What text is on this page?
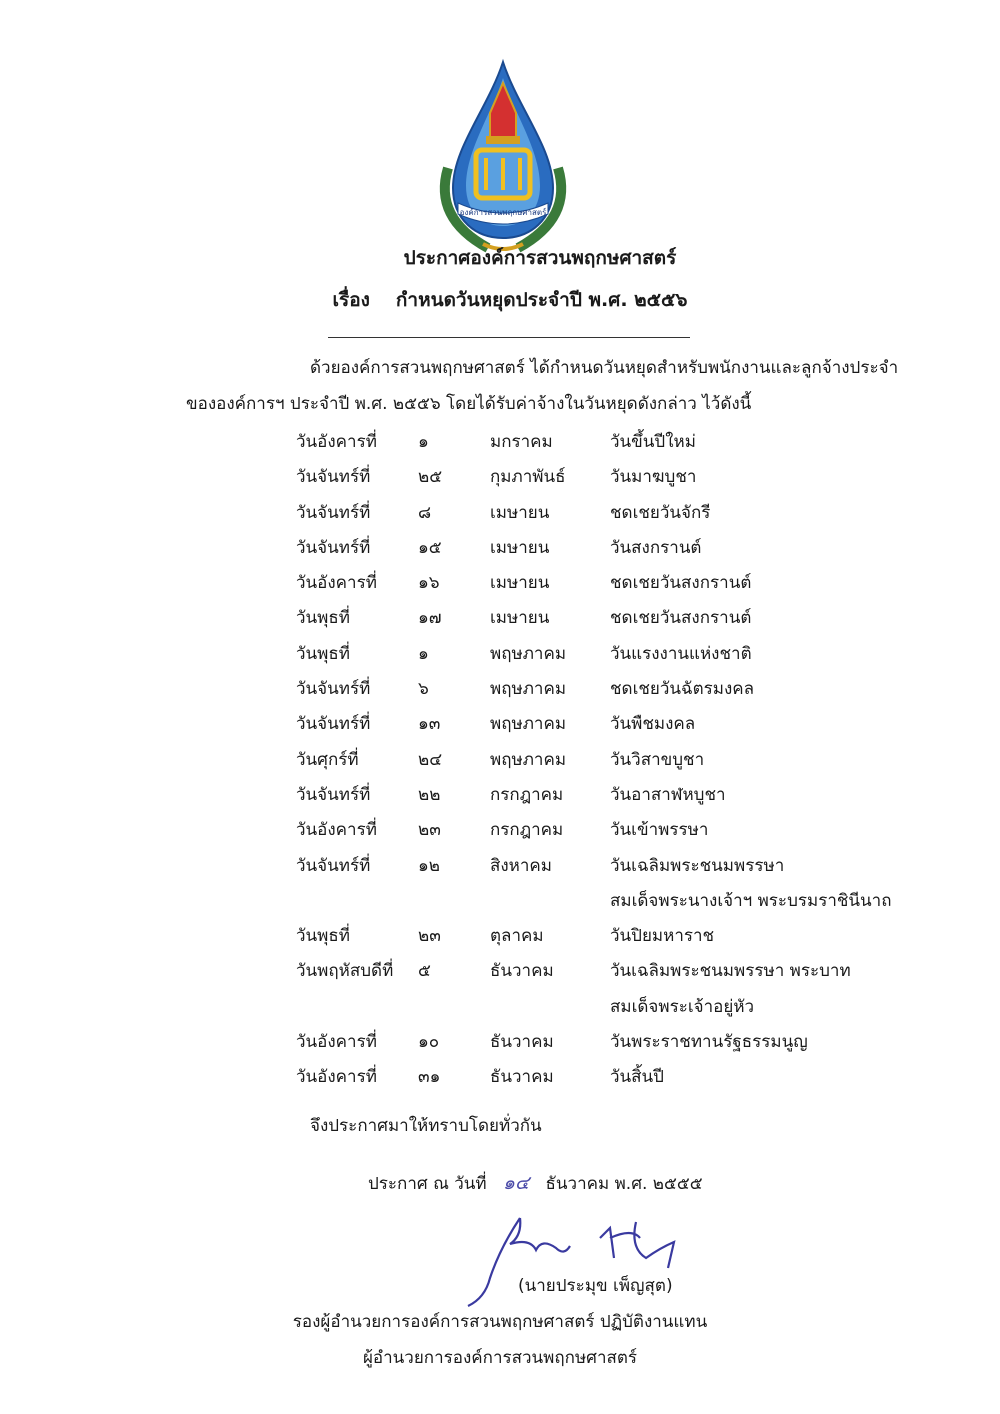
องค์การสวนพฤกษศาสตร์
ประกาศองค์การสวนพฤกษศาสตร์
เรื่อง กำหนดวันหยุดประจำปี พ.ศ. ๒๕๕๖
ด้วยองค์การสวนพฤกษศาสตร์ ได้กำหนดวันหยุดสำหรับพนักงานและลูกจ้างประจำ
ขององค์การฯ ประจำปี พ.ศ. ๒๕๕๖ โดยได้รับค่าจ้างในวันหยุดดังกล่าว ไว้ดังนี้
วันอังคารที่ ๑	มกราคม	วันขึ้นปีใหม่
วันจันทร์ที่	๒๕	กุมภาพันธ์	วันมาฆบูชา
วันจันทร์ที่	๘	เมษายน	ชดเชยวันจักรี
วันจันทร์ที่	๑๕	เมษายน	วันสงกรานต์
วันอังคารที่ ๑๖	เมษายน	ชดเชยวันสงกรานต์
วันพุธที่	๑๗	เมษายน	ชดเชยวันสงกรานต์
วันพุธที่	๑	พฤษภาคม	วันแรงงานแห่งชาติ
วันจันทร์ที่	๖	พฤษภาคม	ชดเชยวันฉัตรมงคล
วันจันทร์ที่	๑๓	พฤษภาคม	วันพืชมงคล
วันศุกร์ที่	๒๔	พฤษภาคม	วันวิสาขบูชา
วันจันทร์ที่	๒๒	กรกฎาคม	วันอาสาฬหบูชา
วันอังคารที่ ๒๓	กรกฎาคม	วันเข้าพรรษา
วันจันทร์ที่	๑๒	สิงหาคม	วันเฉลิมพระชนมพรรษา
สมเด็จพระนางเจ้าฯ พระบรมราชินีนาถ
วันพุธที่	๒๓	ตุลาคม	วันปิยมหาราช
วันพฤหัสบดีที่ ๕	ธันวาคม	วันเฉลิมพระชนมพรรษา พระบาท
สมเด็จพระเจ้าอยู่หัว
วันอังคารที่ ๑๐	ธันวาคม	วันพระราชทานรัฐธรรมนูญ
วันอังคารที่ ๓๑	ธันวาคม	วันสิ้นปี
จึงประกาศมาให้ทราบโดยทั่วกัน
ประกาศ ณ วันที่ ๑๔ ธันวาคม พ.ศ. ๒๕๕๕
(นายประมุข เพ็ญสุต)
รองผู้อำนวยการองค์การสวนพฤกษศาสตร์ ปฏิบัติงานแทน
ผู้อำนวยการองค์การสวนพฤกษศาสตร์
